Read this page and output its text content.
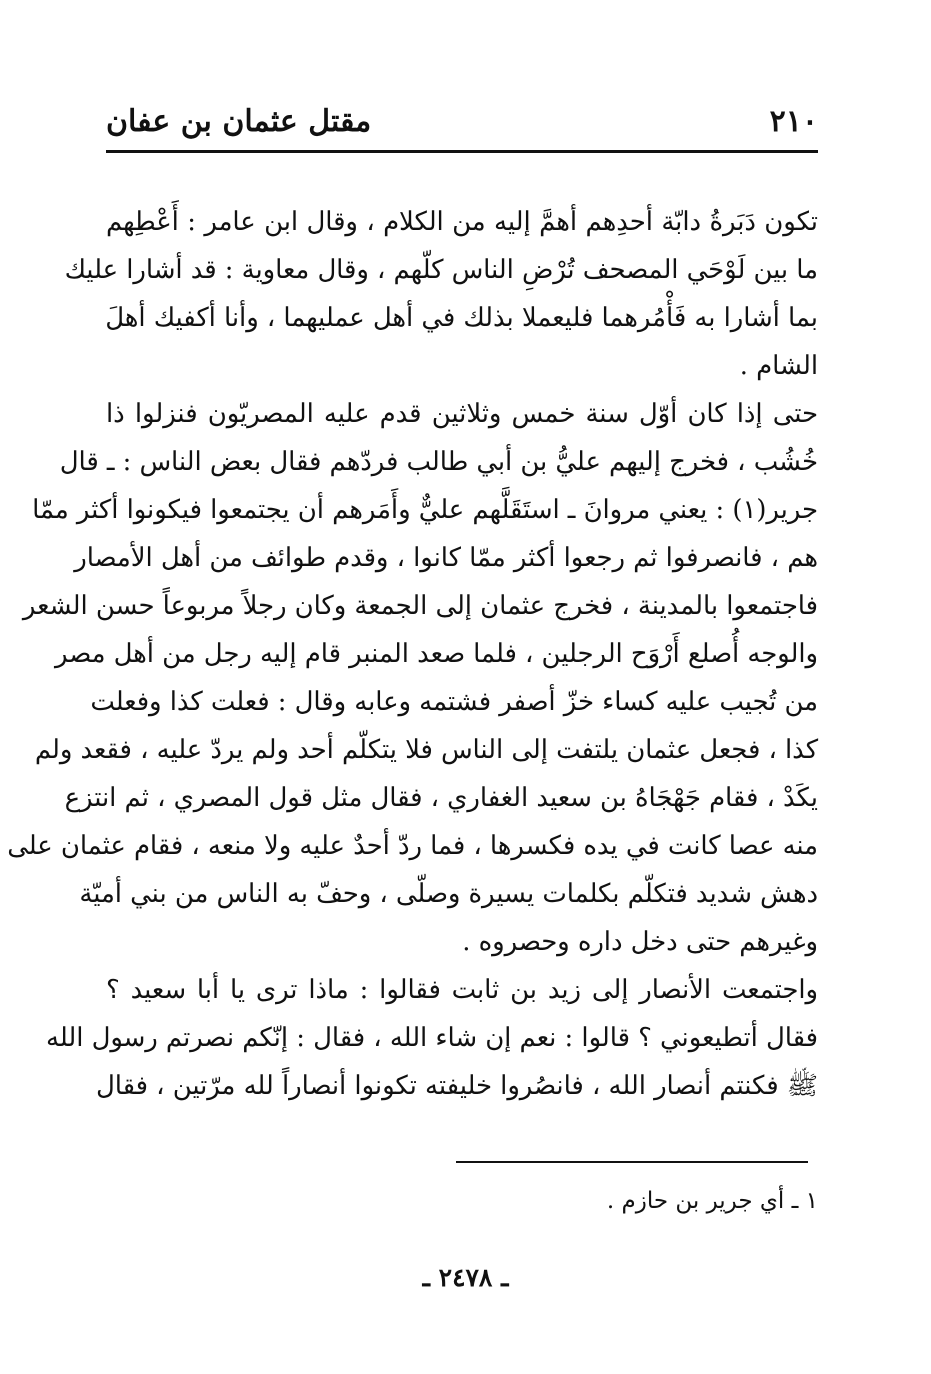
٢١٠
مقتل عثمان بن عفان
تكون دَبَرةُ دابّة أحدِهم أهمَّ إليه من الكلام ، وقال ابن عامر : أَعْطِهم
ما بين لَوْحَي المصحف تُرْضِ الناس كلّهم ، وقال معاوية : قد أشارا عليك
بما أشارا به فَأْمُرهما فليعملا بذلك في أهل عمليهما ، وأنا أكفيك أهلَ
الشام .
حتى إذا كان أوّل سنة خمس وثلاثين قدم عليه المصريّون فنزلوا ذا
خُشُب ، فخرج إليهم عليُّ بن أبي طالب فردّهم فقال بعض الناس : ـ قال
جرير(١) : يعني مروانَ ـ استَقَلَّهم عليٌّ وأَمَرهم أن يجتمعوا فيكونوا أكثر ممّا
هم ، فانصرفوا ثم رجعوا أكثر ممّا كانوا ، وقدم طوائف من أهل الأمصار
فاجتمعوا بالمدينة ، فخرج عثمان إلى الجمعة وكان رجلاً مربوعاً حسن الشعر
والوجه أُصلع أَرْوَح الرجلين ، فلما صعد المنبر قام إليه رجل من أهل مصر
من تُجيب عليه كساء خزّ أصفر فشتمه وعابه وقال : فعلت كذا وفعلت
كذا ، فجعل عثمان يلتفت إلى الناس فلا يتكلّم أحد ولم يردّ عليه ، فقعد ولم
يكَدْ ، فقام جَهْجَاهُ بن سعيد الغفاري ، فقال مثل قول المصري ، ثم انتزع
منه عصا كانت في يده فكسرها ، فما ردّ أحدٌ عليه ولا منعه ، فقام عثمان على
دهش شديد فتكلّم بكلمات يسيرة وصلّى ، وحفّ به الناس من بني أميّة
وغيرهم حتى دخل داره وحصروه .
واجتمعت الأنصار إلى زيد بن ثابت فقالوا : ماذا ترى يا أبا سعيد ؟
فقال أتطيعوني ؟ قالوا : نعم إن شاء الله ، فقال : إنّكم نصرتم رسول الله
ﷺ فكنتم أنصار الله ، فانصُروا خليفته تكونوا أنصاراً لله مرّتين ، فقال
١ ـ أي جرير بن حازم .
ـ ٢٤٧٨ ـ
